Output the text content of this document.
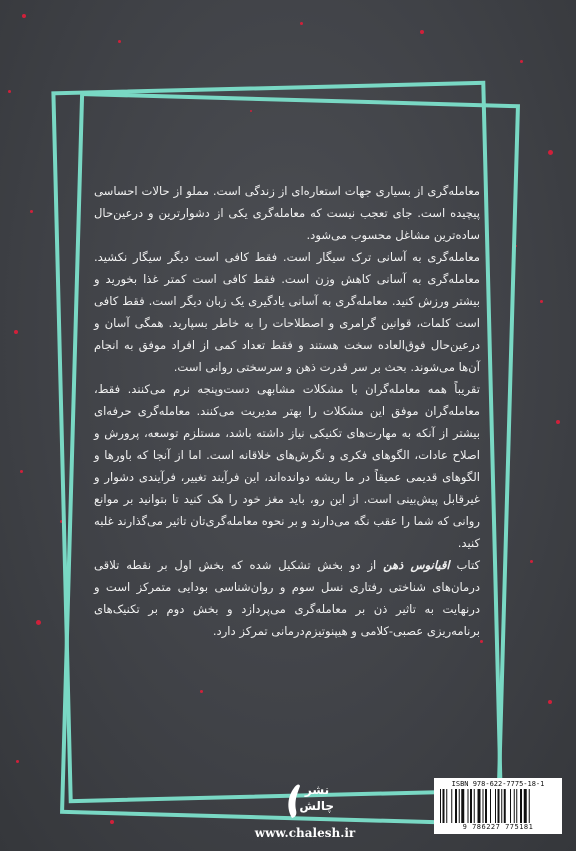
معامله‌گری از بسیاری جهات استعاره‌ای از زندگی است. مملو از حالات احساسی پیچیده است. جای تعجب نیست که معامله‌گری یکی از دشوارترین و درعین‌حال ساده‌ترین مشاغل محسوب می‌شود.

معامله‌گری به آسانی ترک سیگار است. فقط کافی است دیگر سیگار نکشید. معامله‌گری به آسانی کاهش وزن است. فقط کافی است کمتر غذا بخورید و بیشتر ورزش کنید. معامله‌گری به آسانی یادگیری یک زبان دیگر است. فقط کافی است کلمات، قوانین گرامری و اصطلاحات را به خاطر بسپارید. همگی آسان و درعین‌حال فوق‌العاده سخت هستند و فقط تعداد کمی از افراد موفق به انجام آن‌ها می‌شوند. بحث بر سر قدرت ذهن و سرسختی روانی است.

تقریباً همه معامله‌گران با مشکلات مشابهی دست‌وپنجه نرم می‌کنند. فقط، معامله‌گران موفق این مشکلات را بهتر مدیریت می‌کنند. معامله‌گری حرفه‌ای بیشتر از آنکه به مهارت‌های تکنیکی نیاز داشته باشد، مستلزم توسعه، پرورش و اصلاح عادات، الگوهای فکری و نگرش‌های خلاقانه است. اما از آنجا که باورها و الگوهای قدیمی عمیقاً در ما ریشه دوانده‌اند، این فرآیند تغییر، فرآیندی دشوار و غیرقابل پیش‌بینی است. از این رو، باید مغز خود را هک کنید تا بتوانید بر موانع روانی که شما را عقب نگه می‌دارند و بر نحوه معامله‌گری‌تان تاثیر می‌گذارند غلبه کنید.

کتاب اقیانوس ذهن از دو بخش تشکیل شده که بخش اول بر نقطه تلاقی درمان‌های شناختی رفتاری نسل سوم و روان‌شناسی بودایی متمرکز است و درنهایت به تاثیر ذن بر معامله‌گری می‌پردازد و بخش دوم بر تکنیک‌های برنامه‌ریزی عصبی-کلامی و هیپنوتیزم‌درمانی تمرکز دارد.

نشر
چالش
www.chalesh.ir
ISBN 978-622-7775-18-1
9 786227 775181
